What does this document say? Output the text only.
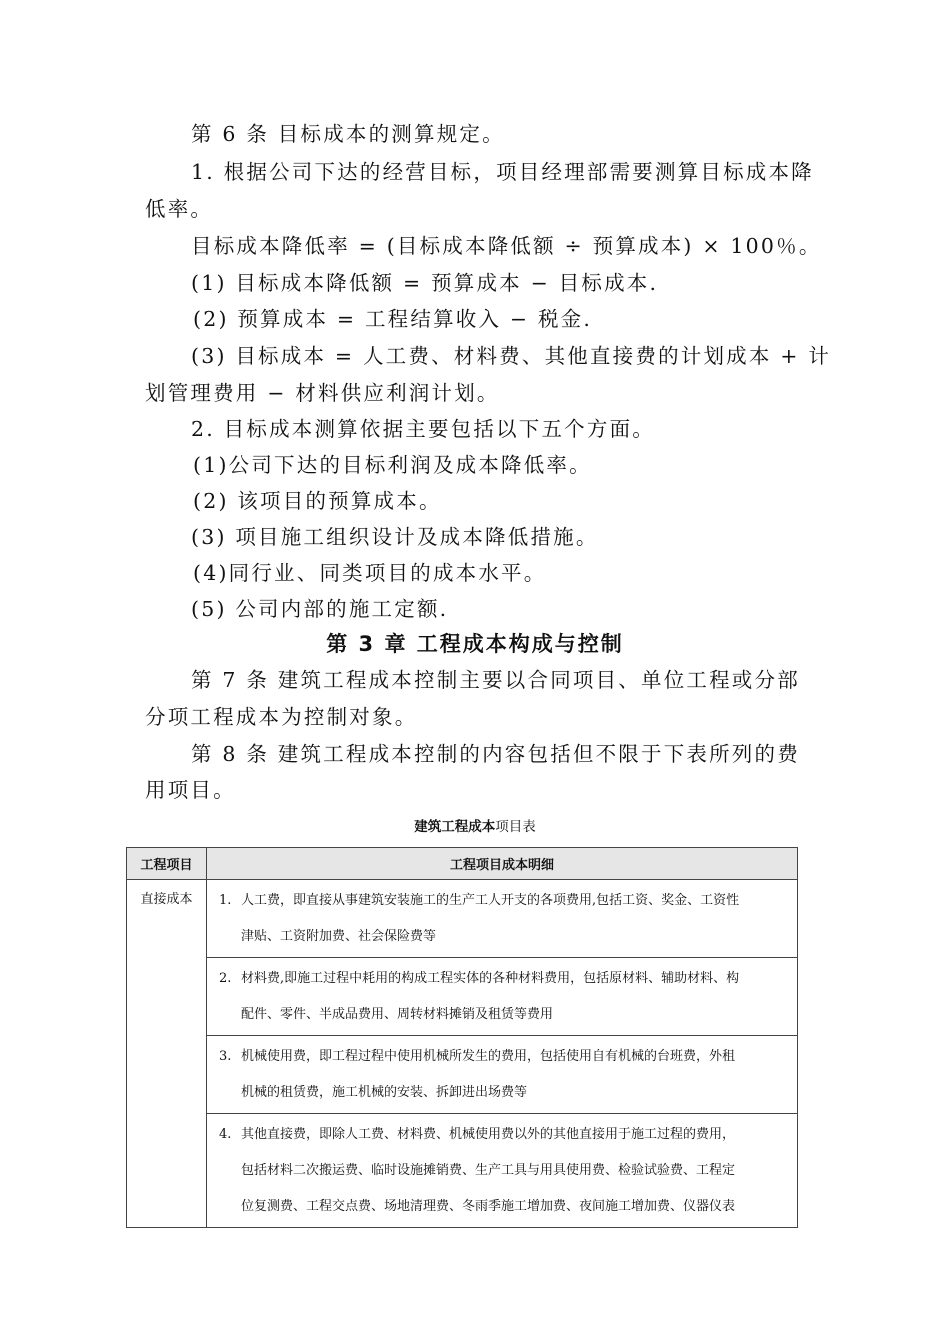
第 6 条 目标成本的测算规定。
1. 根据公司下达的经营目标，项目经理部需要测算目标成本降
低率。
目标成本降低率 = (目标成本降低额 ÷ 预算成本) × 100％。
(1) 目标成本降低额 = 预算成本 − 目标成本.
(2) 预算成本 = 工程结算收入 − 税金.
(3) 目标成本 = 人工费、材料费、其他直接费的计划成本 + 计
划管理费用 − 材料供应利润计划。
2. 目标成本测算依据主要包括以下五个方面。
(1)公司下达的目标利润及成本降低率。
(2) 该项目的预算成本。
(3) 项目施工组织设计及成本降低措施。
(4)同行业、同类项目的成本水平。
(5) 公司内部的施工定额.
第 3 章 工程成本构成与控制
第 7 条 建筑工程成本控制主要以合同项目、单位工程或分部
分项工程成本为控制对象。
第 8 条 建筑工程成本控制的内容包括但不限于下表所列的费
用项目。
建筑工程成本项目表
工程项目	工程项目成本明细
直接成本	1. 人工费，即直接从事建筑安装施工的生产工人开支的各项费用,包括工资、奖金、工资性
津贴、工资附加费、社会保险费等
	2. 材料费,即施工过程中耗用的构成工程实体的各种材料费用，包括原材料、辅助材料、构
配件、零件、半成品费用、周转材料摊销及租赁等费用
	3. 机械使用费，即工程过程中使用机械所发生的费用，包括使用自有机械的台班费，外租
机械的租赁费，施工机械的安装、拆卸进出场费等
	4. 其他直接费，即除人工费、材料费、机械使用费以外的其他直接用于施工过程的费用，
包括材料二次搬运费、临时设施摊销费、生产工具与用具使用费、检验试验费、工程定
位复测费、工程交点费、场地清理费、冬雨季施工增加费、夜间施工增加费、仪器仪表
